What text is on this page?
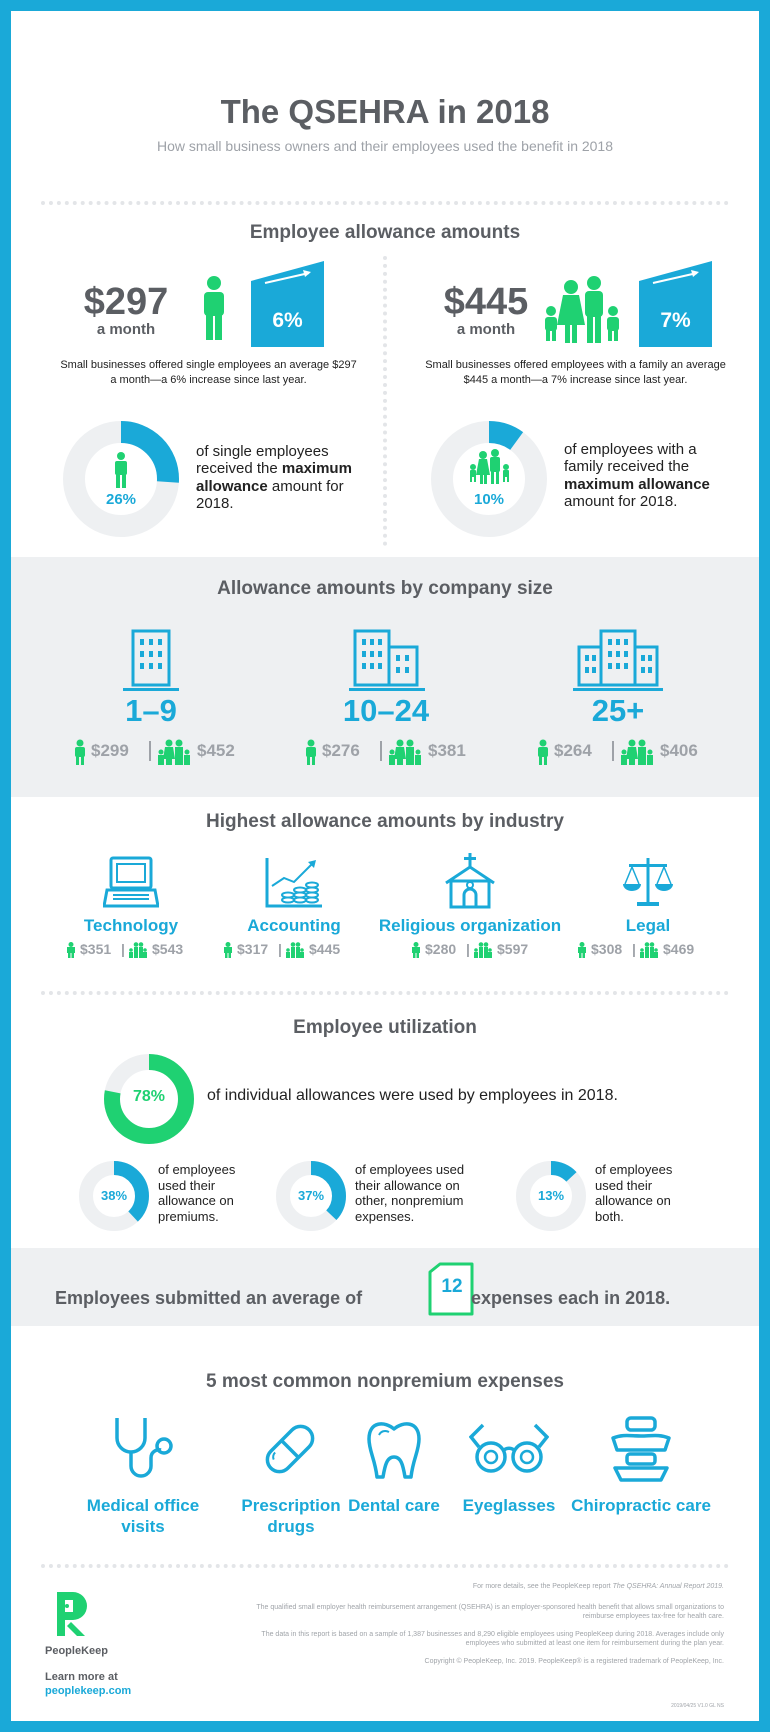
The QSEHRA in 2018
How small business owners and their employees used the benefit in 2018
Employee allowance amounts
$297
a month	6%
Small businesses offered single employees an average $297 a month—a 6% increase since last year.
26%
of single employees received the maximum allowance amount for 2018.
$445
a month	7%
Small businesses offered employees with a family an average $445 a month—a 7% increase since last year.
10%
of employees with a family received the maximum allowance amount for 2018.
Allowance amounts by company size
1–9
$299	$452
10–24
$276	$381
25+
$264	$406
Highest allowance amounts by industry
Technology
$351 | $543
Accounting
$317 | $445
Religious organization
$280 | $597
Legal
$308 | $469
Employee utilization
78%	of individual allowances were used by employees in 2018.
38%
of employees used their allowance on premiums.
37%
of employees used their allowance on other, nonpremium expenses.
13%
of employees used their allowance on both.
Employees submitted an average of
12
expenses each in 2018.
5 most common nonpremium expenses
Medical office visits
Prescription drugs
Dental care	Eyeglasses Chiropractic care
PeopleKeep
Learn more at
peoplekeep.com
For more details, see the PeopleKeep report The QSEHRA: Annual Report 2019.
The qualified small employer health reimbursement arrangement (QSEHRA) is an employer-sponsored health benefit that allows small organizations to reimburse employees tax-free for health care.
The data in this report is based on a sample of 1,387 businesses and 8,290 eligible employees using PeopleKeep during 2018. Averages include only employees who submitted at least one item for reimbursement during the plan year.
Copyright © PeopleKeep, Inc. 2019. PeopleKeep® is a registered trademark of PeopleKeep, Inc.
2019/04/25 V1.0 GL NS
